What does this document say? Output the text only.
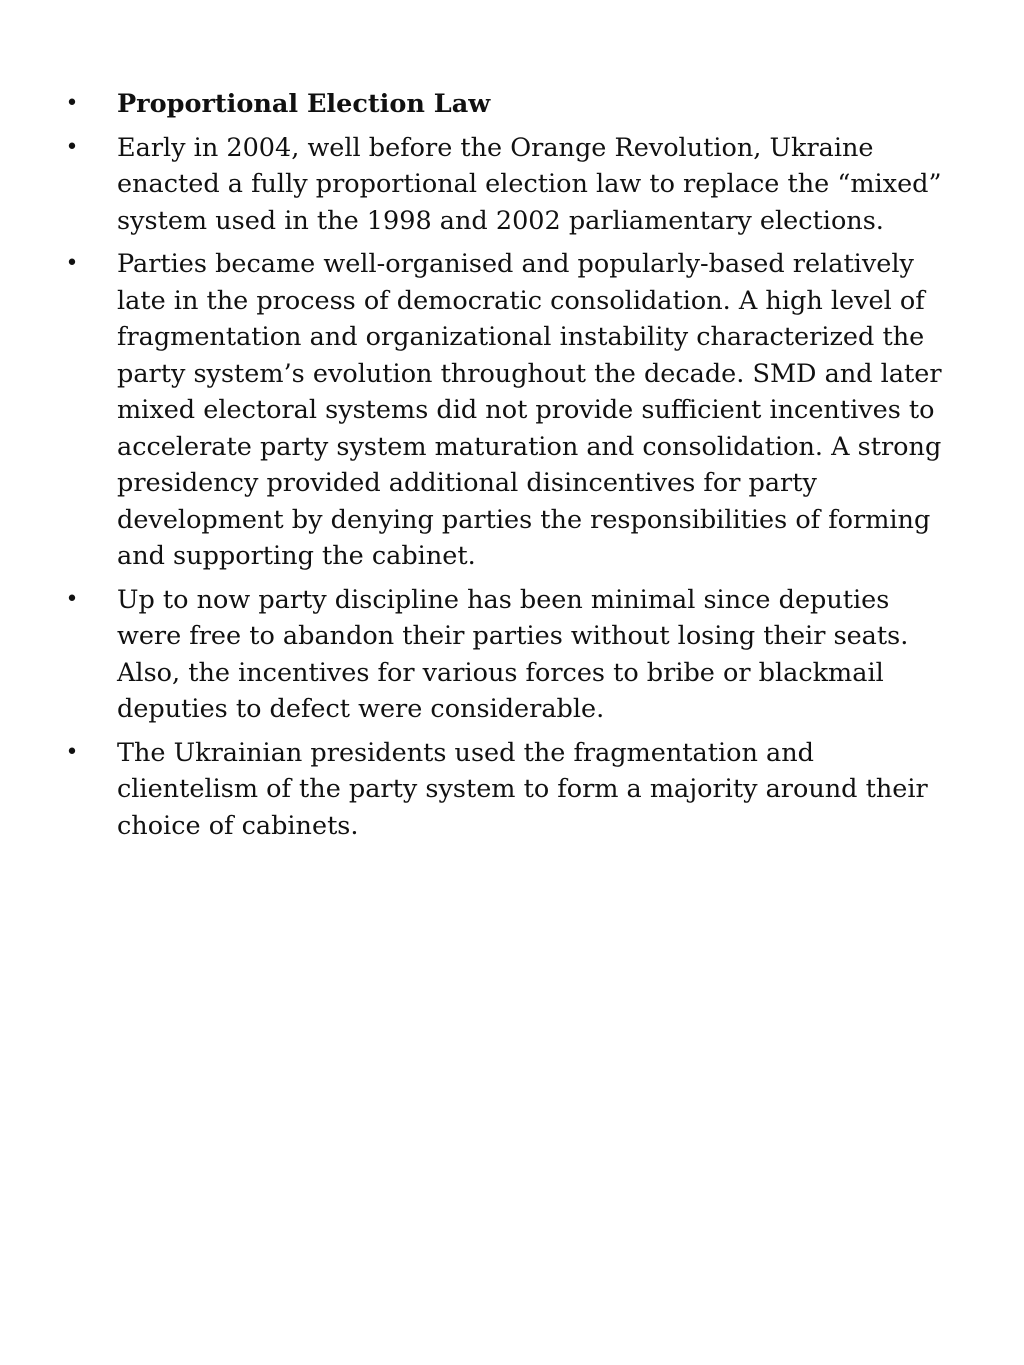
• Proportional Election Law
• Early in 2004, well before the Orange Revolution, Ukraine enacted a fully proportional election law to replace the “mixed” system used in the 1998 and 2002 parliamentary elections.
• Parties became well-organised and popularly-based relatively late in the process of democratic consolidation. A high level of fragmentation and organizational instability characterized the party system’s evolution throughout the decade. SMD and later mixed electoral systems did not provide sufficient incentives to accelerate party system maturation and consolidation. A strong presidency provided additional disincentives for party development by denying parties the responsibilities of forming and supporting the cabinet.
• Up to now party discipline has been minimal since deputies were free to abandon their parties without losing their seats. Also, the incentives for various forces to bribe or blackmail deputies to defect were considerable.
• The Ukrainian presidents used the fragmentation and clientelism of the party system to form a majority around their choice of cabinets.
